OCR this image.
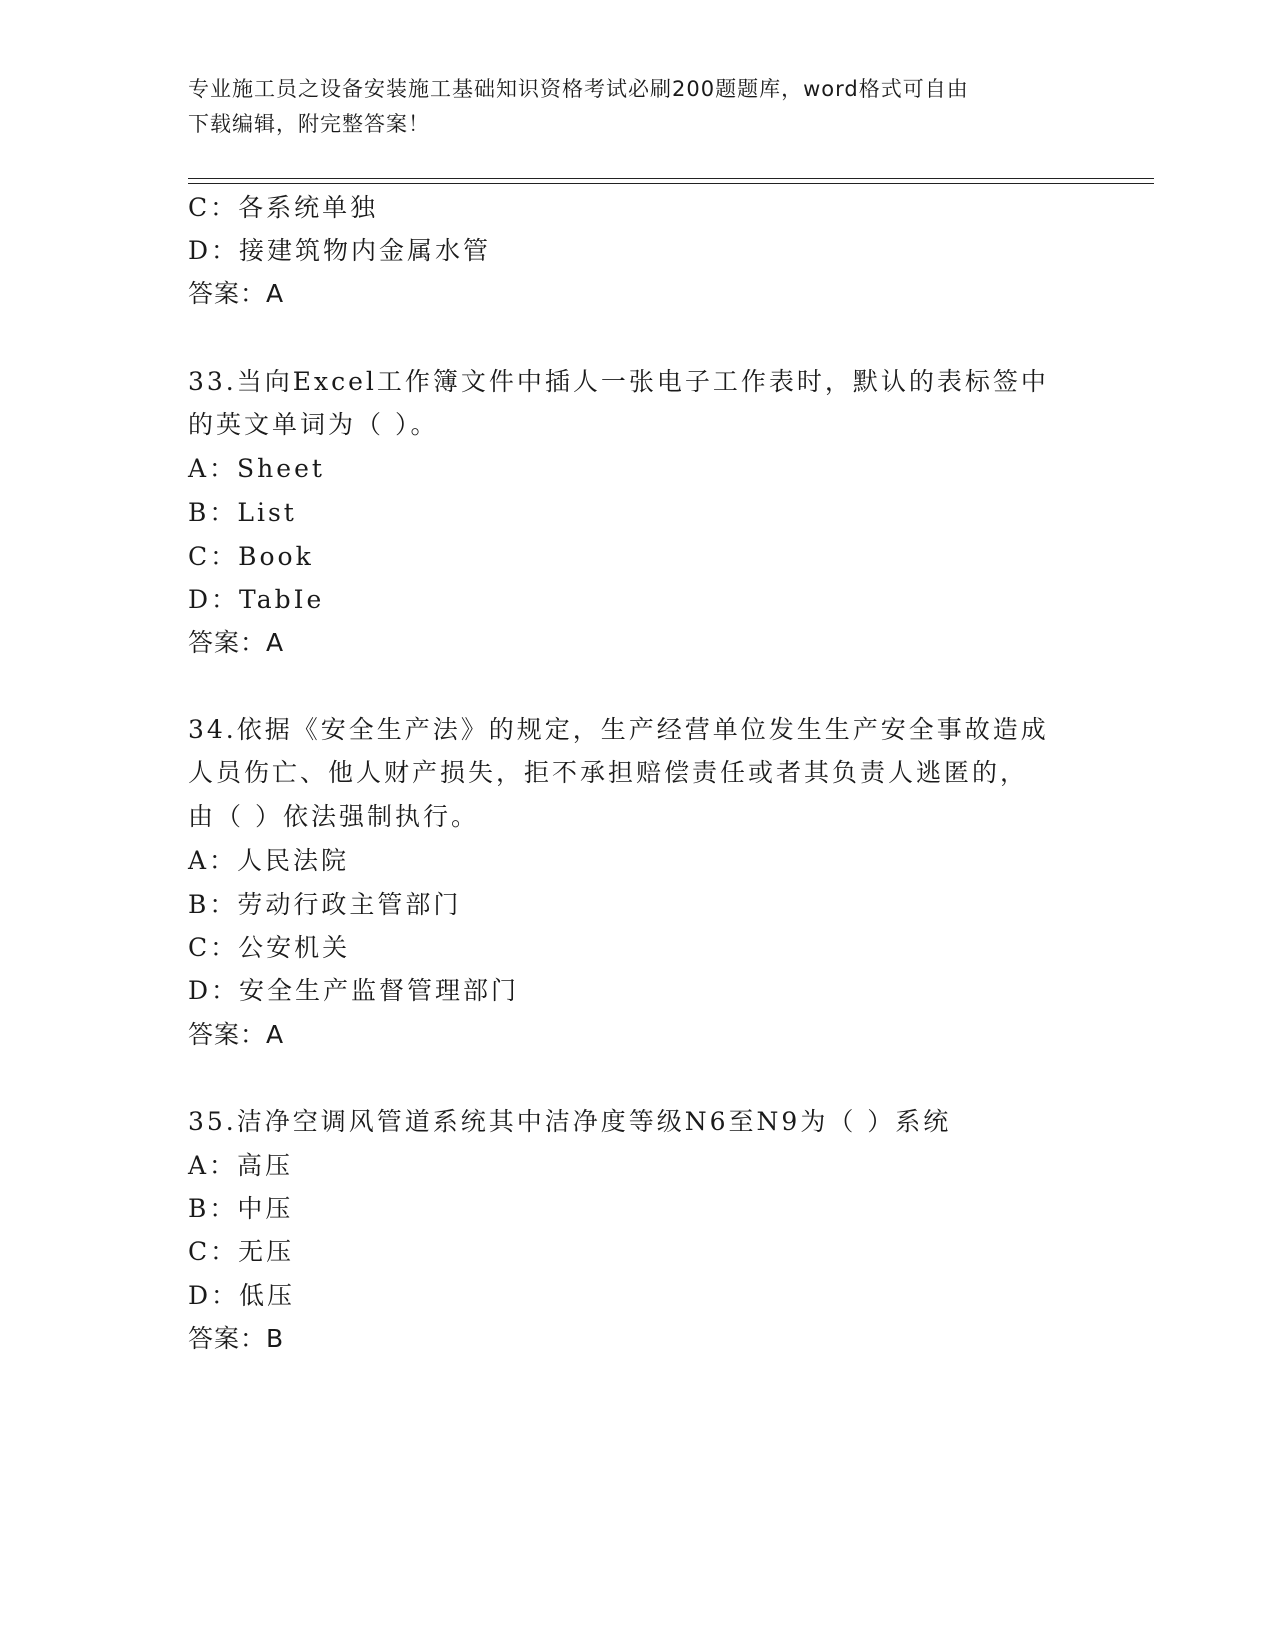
专业施工员之设备安装施工基础知识资格考试必刷200题题库，word格式可自由
下载编辑，附完整答案！
C：各系统单独
D：接建筑物内金属水管
答案：A
33.当向Excel工作簿文件中插人一张电子工作表时，默认的表标签中
的英文单词为（ ）。
A：Sheet
B：List
C：Book
D：TabIe
答案：A
34.依据《安全生产法》的规定，生产经营单位发生生产安全事故造成
人员伤亡、他人财产损失，拒不承担赔偿责任或者其负责人逃匿的，
由（ ）依法强制执行。
A：人民法院
B：劳动行政主管部门
C：公安机关
D：安全生产监督管理部门
答案：A
35.洁净空调风管道系统其中洁净度等级N6至N9为（ ）系统
A：高压
B：中压
C：无压
D：低压
答案：B
